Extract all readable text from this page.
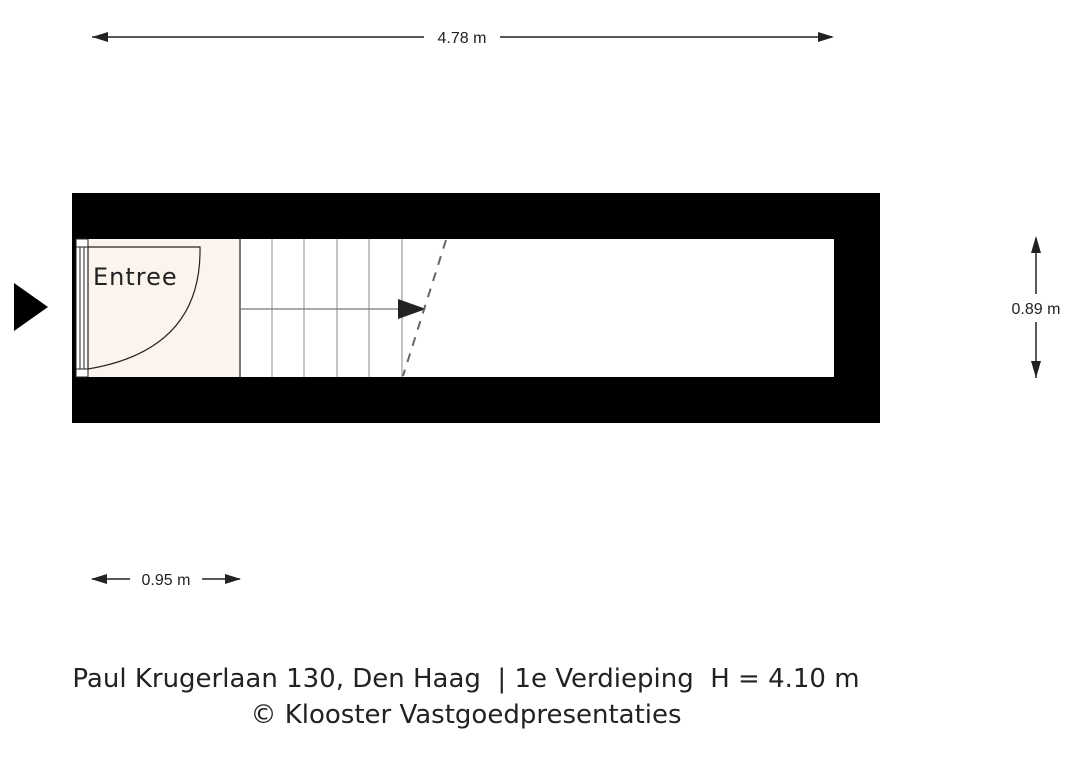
4.78 m
Entree
0.89 m
0.95 m
Paul Krugerlaan 130, Den Haag  | 1e Verdieping  H = 4.10 m
© Klooster Vastgoedpresentaties
